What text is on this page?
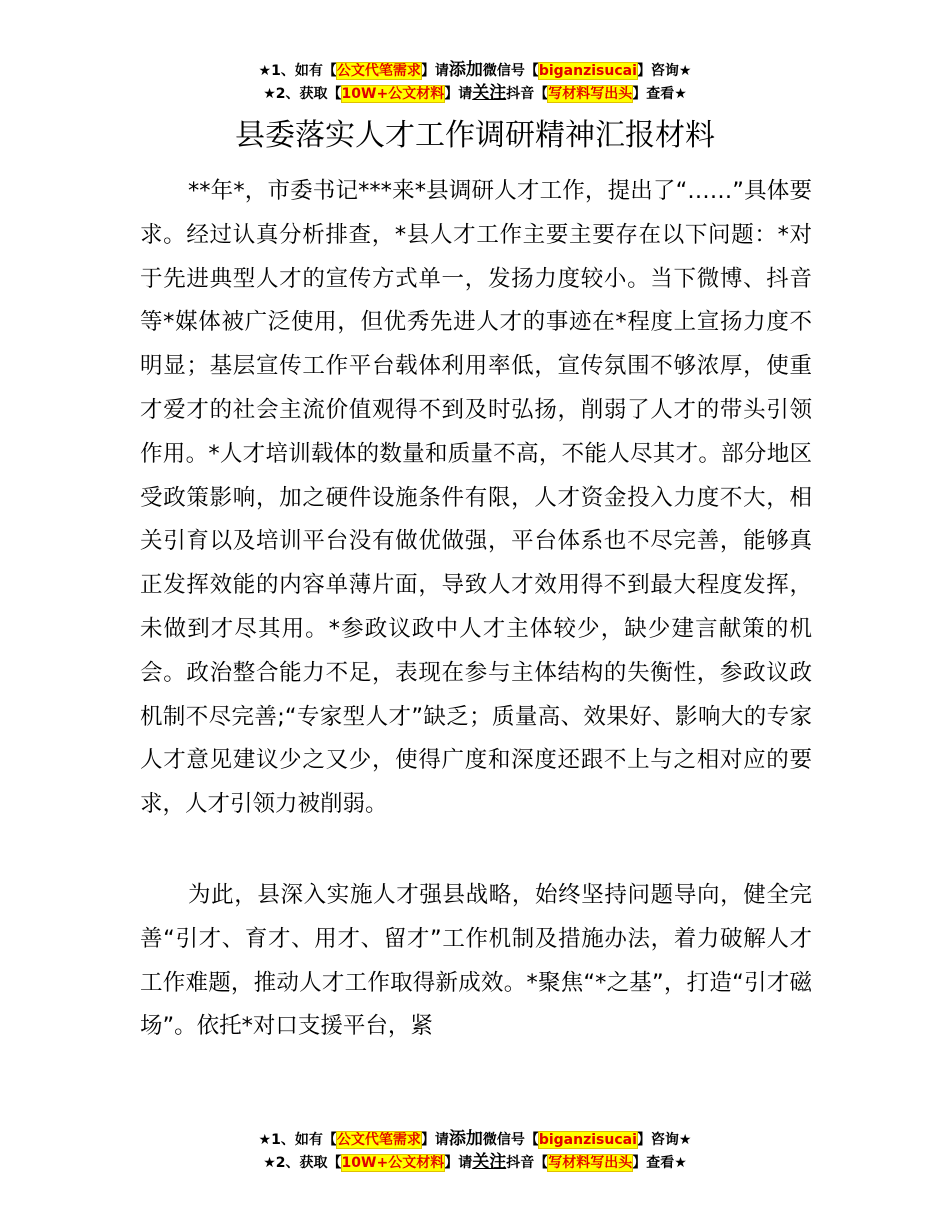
★1、如有【公文代笔需求】请添加微信号【biganzisucai】咨询★
★2、获取【10W+公文材料】请关注抖音【写材料写出头】查看★
县委落实人才工作调研精神汇报材料

**年*，市委书记***来*县调研人才工作，提出了“……”具体要求。经过认真分析排查，*县人才工作主要主要存在以下问题：*对于先进典型人才的宣传方式单一，发扬力度较小。当下微博、抖音等*媒体被广泛使用，但优秀先进人才的事迹在*程度上宣扬力度不明显；基层宣传工作平台载体利用率低，宣传氛围不够浓厚，使重才爱才的社会主流价值观得不到及时弘扬，削弱了人才的带头引领作用。*人才培训载体的数量和质量不高，不能人尽其才。部分地区受政策影响，加之硬件设施条件有限，人才资金投入力度不大，相关引育以及培训平台没有做优做强，平台体系也不尽完善，能够真正发挥效能的内容单薄片面，导致人才效用得不到最大程度发挥，未做到才尽其用。*参政议政中人才主体较少，缺少建言献策的机会。政治整合能力不足，表现在参与主体结构的失衡性，参政议政机制不尽完善;“专家型人才”缺乏；质量高、效果好、影响大的专家人才意见建议少之又少，使得广度和深度还跟不上与之相对应的要求，人才引领力被削弱。

为此，县深入实施人才强县战略，始终坚持问题导向，健全完善“引才、育才、用才、留才”工作机制及措施办法，着力破解人才工作难题，推动人才工作取得新成效。*聚焦“*之基”，打造“引才磁场”。依托*对口支援平台，紧

★1、如有【公文代笔需求】请添加微信号【biganzisucai】咨询★
★2、获取【10W+公文材料】请关注抖音【写材料写出头】查看★
